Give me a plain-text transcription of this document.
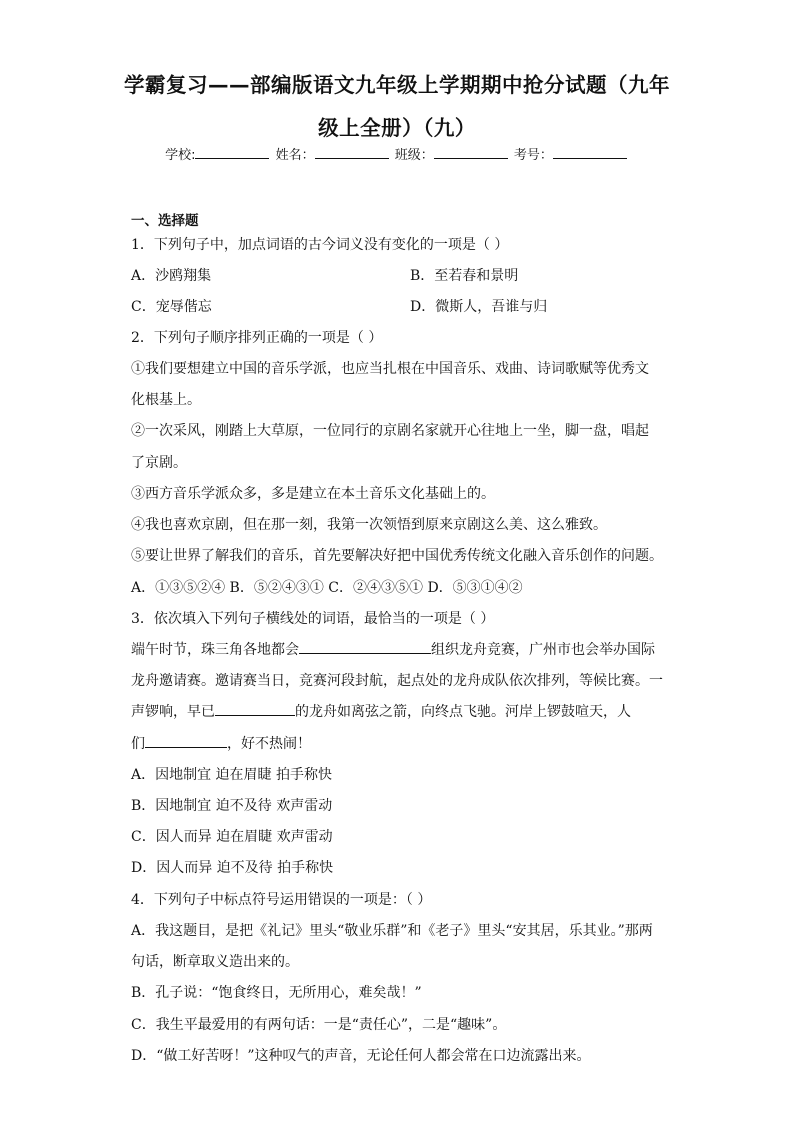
学霸复习——部编版语文九年级上学期期中抢分试题（九年
级上全册）（九）
学校:	姓名：	班级：	考号：
一、选择题
1．下列句子中，加点词语的古今词义没有变化的一项是（ ）
A．沙鸥翔集	B．至若春和景明
C．宠辱偕忘	D．微斯人，吾谁与归
2．下列句子顺序排列正确的一项是（ ）
①我们要想建立中国的音乐学派，也应当扎根在中国音乐、戏曲、诗词歌赋等优秀文
化根基上。
②一次采风，刚踏上大草原，一位同行的京剧名家就开心往地上一坐，脚一盘，唱起
了京剧。
③西方音乐学派众多，多是建立在本土音乐文化基础上的。
④我也喜欢京剧，但在那一刻，我第一次领悟到原来京剧这么美、这么雅致。
⑤要让世界了解我们的音乐，首先要解决好把中国优秀传统文化融入音乐创作的问题。
A．①③⑤②④ B．⑤②④③① C．②④③⑤① D．⑤③①④②
3．依次填入下列句子横线处的词语，最恰当的一项是（ ）
端午时节，珠三角各地都会	组织龙舟竞赛，广州市也会举办国际
龙舟邀请赛。邀请赛当日，竞赛河段封航，起点处的龙舟成队依次排列，等候比赛。一
声锣响，早已	的龙舟如离弦之箭，向终点飞驰。河岸上锣鼓喧天，人
们	，好不热闹！
A．因地制宜 迫在眉睫 拍手称快
B．因地制宜 迫不及待 欢声雷动
C．因人而异 迫在眉睫 欢声雷动
D．因人而异 迫不及待 拍手称快
4．下列句子中标点符号运用错误的一项是：（ ）
A．我这题目，是把《礼记》里头“敬业乐群”和《老子》里头“安其居，乐其业。”那两
句话，断章取义造出来的。
B．孔子说：“饱食终日，无所用心，难矣哉！”
C．我生平最爱用的有两句话：一是“责任心”，二是“趣味”。
D．“做工好苦呀！”这种叹气的声音，无论任何人都会常在口边流露出来。
